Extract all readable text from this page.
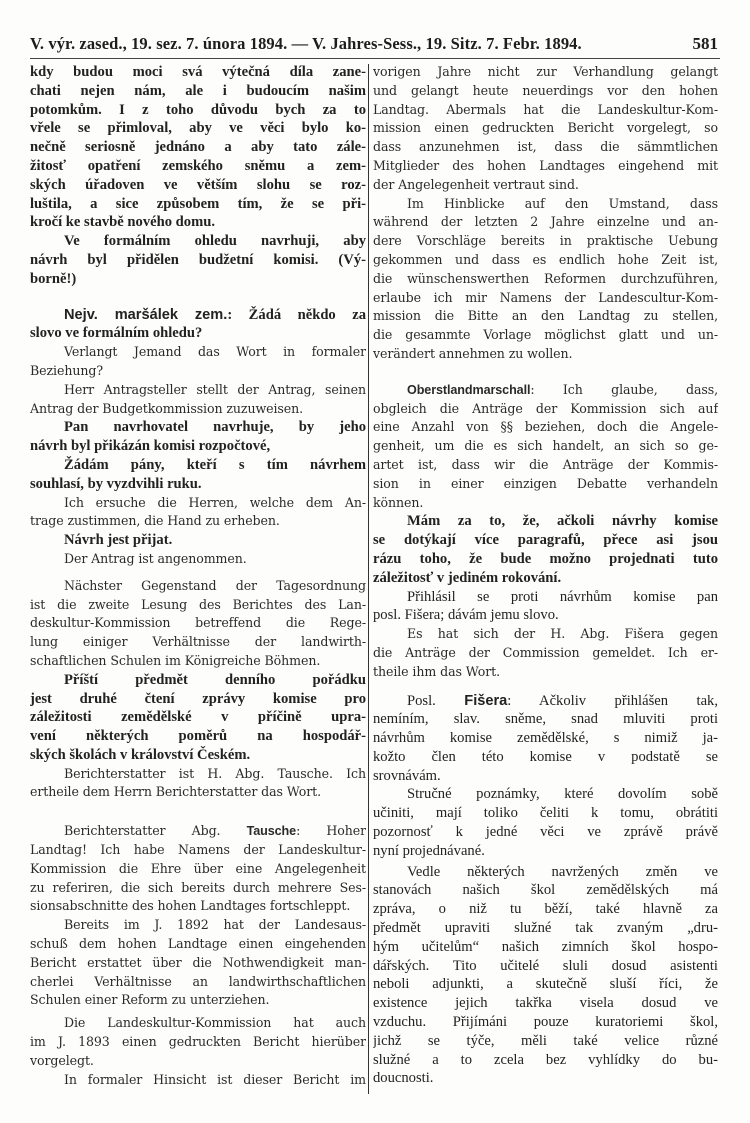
V. výr. zased., 19. sez. 7. února 1894. — V. Jahres-Sess., 19. Sitz. 7. Febr. 1894.	581
kdy budou moci svá výtečná díla zane-
chati nejen nám, ale i budoucím našim
potomkům. I z toho důvodu bych za to
vřele se přimloval, aby ve věci bylo ko-
nečně seriosně jednáno a aby tato zále-
žitosť opatření zemského sněmu a zem-
ských úřadoven ve větším slohu se roz-
luštila, a sice způsobem tím, že se při-
kročí ke stavbě nového domu.
Ve formálním ohledu navrhuji, aby
návrh byl přidělen budžetní komisi. (Vý-
borně!)
Nejv. maršálek zem.: Žádá někdo za
slovo ve formálním ohledu?
Verlangt Jemand das Wort in formaler
Beziehung?
Herr Antragsteller stellt der Antrag, seinen
Antrag der Budgetkommission zuzuweisen.
Pan navrhovatel navrhuje, by jeho
návrh byl přikázán komisi rozpočtové,
Žádám pány, kteří s tím návrhem
souhlasí, by vyzdvihli ruku.
Ich ersuche die Herren, welche dem An-
trage zustimmen, die Hand zu erheben.
Návrh jest přijat.
Der Antrag ist angenommen.
Nächster Gegenstand der Tagesordnung
ist die zweite Lesung des Berichtes des Lan-
deskultur-Kommission betreffend die Rege-
lung einiger Verhältnisse der landwirth-
schaftlichen Schulen im Königreiche Böhmen.
Příští předmět denního pořádku
jest druhé čtení zprávy komise pro
záležitosti zemědělské v příčině upra-
vení některých poměrů na hospodář-
ských školách v království Českém.
Berichterstatter ist H. Abg. Tausche. Ich
ertheile dem Herrn Berichterstatter das Wort.
Berichterstatter Abg. Tausche: Hoher
Landtag! Ich habe Namens der Landeskultur-
Kommission die Ehre über eine Angelegenheit
zu referiren, die sich bereits durch mehrere Ses-
sionsabschnitte des hohen Landtages fortschleppt.
Bereits im J. 1892 hat der Landesaus-
schuß dem hohen Landtage einen eingehenden
Bericht erstattet über die Nothwendigkeit man-
cherlei Verhältnisse an landwirthschaftlichen
Schulen einer Reform zu unterziehen.
Die Landeskultur-Kommission hat auch
im J. 1893 einen gedruckten Bericht hierüber
vorgelegt.
In formaler Hinsicht ist dieser Bericht im
vorigen Jahre nicht zur Verhandlung gelangt
und gelangt heute neuerdings vor den hohen
Landtag. Abermals hat die Landeskultur-Kom-
mission einen gedruckten Bericht vorgelegt, so
dass anzunehmen ist, dass die sämmtlichen
Mitglieder des hohen Landtages eingehend mit
der Angelegenheit vertraut sind.
Im Hinblicke auf den Umstand, dass
während der letzten 2 Jahre einzelne und an-
dere Vorschläge bereits in praktische Uebung
gekommen und dass es endlich hohe Zeit ist,
die wünschenswerthen Reformen durchzuführen,
erlaube ich mir Namens der Landescultur-Kom-
mission die Bitte an den Landtag zu stellen,
die gesammte Vorlage möglichst glatt und un-
verändert annehmen zu wollen.
Oberstlandmarschall: Ich glaube, dass,
obgleich die Anträge der Kommission sich auf
eine Anzahl von §§ beziehen, doch die Angele-
genheit, um die es sich handelt, an sich so ge-
artet ist, dass wir die Anträge der Kommis-
sion in einer einzigen Debatte verhandeln
können.
Mám za to, že, ačkoli návrhy komise
se dotýkají více paragrafů, přece asi jsou
rázu toho, že bude možno projednati tuto
záležitosť v jediném rokování.
Přihlásil se proti návrhům komise pan
posl. Fišera; dávám jemu slovo.
Es hat sich der H. Abg. Fišera gegen
die Anträge der Commission gemeldet. Ich er-
theile ihm das Wort.
Posl. Fišera: Ačkoliv přihlášen tak,
nemíním, slav. sněme, snad mluviti proti
návrhům komise zemědělské, s nimiž ja-
kožto člen této komise v podstatě se
srovnávám.
Stručné poznámky, které dovolím sobě
učiniti, mají toliko čeliti k tomu, obrátiti
pozornosť k jedné věci ve zprávě právě
nyní projednávané.
Vedle některých navržených změn ve
stanovách našich škol zemědělských má
zpráva, o niž tu běží, také hlavně za
předmět upraviti služné tak zvaným „dru-
hým učitelům“ našich zimních škol hospo-
dářských. Tito učitelé sluli dosud asistenti
neboli adjunkti, a skutečně sluší říci, že
existence jejich takřka visela dosud ve
vzduchu. Přijímáni pouze kuratoriemi škol,
jichž se týče, měli také velice různé
služné a to zcela bez vyhlídky do bu-
doucnosti.
